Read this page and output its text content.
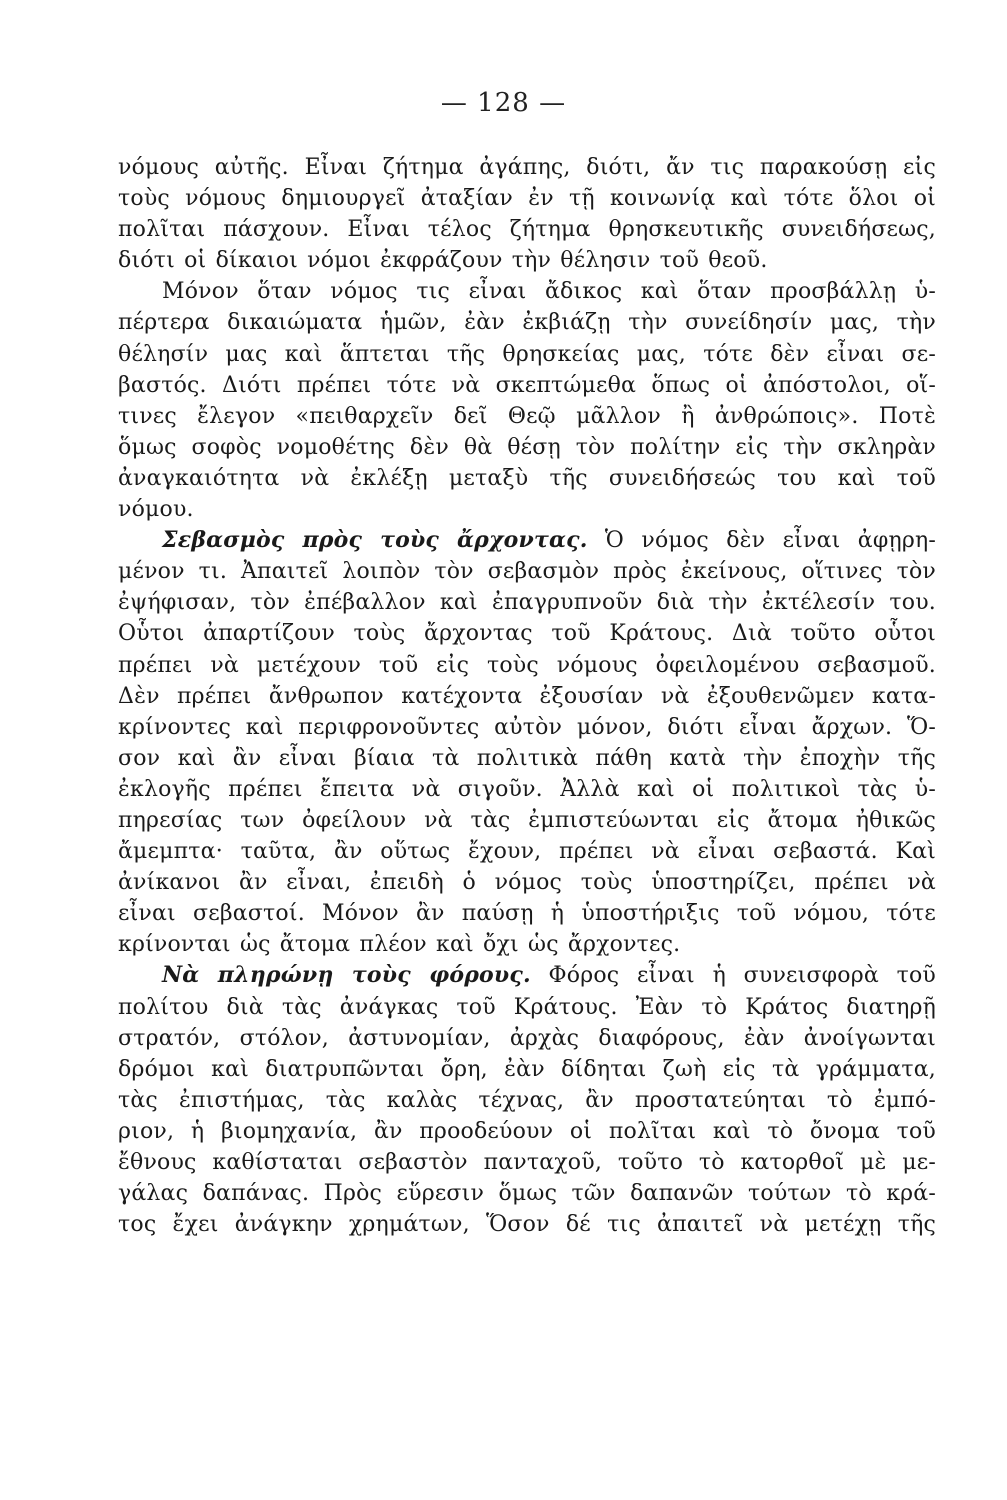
— 128 —
νόμους αὐτῆς. Εἶναι ζήτημα ἀγάπης, διότι, ἄν τις παρακούσῃ εἰς
τοὺς νόμους δημιουργεῖ ἀταξίαν ἐν τῇ κοινωνίᾳ καὶ τότε ὅλοι οἱ
πολῖται πάσχουν. Εἶναι τέλος ζήτημα θρησκευτικῆς συνειδήσεως,
διότι οἱ δίκαιοι νόμοι ἐκφράζουν τὴν θέλησιν τοῦ θεοῦ.
Μόνον ὅταν νόμος τις εἶναι ἄδικος καὶ ὅταν προσβάλλῃ ὑ-
πέρτερα δικαιώματα ἡμῶν, ἐὰν ἐκβιάζῃ τὴν συνείδησίν μας, τὴν
θέλησίν μας καὶ ἅπτεται τῆς θρησκείας μας, τότε δὲν εἶναι σε-
βαστός. Διότι πρέπει τότε νὰ σκεπτώμεθα ὅπως οἱ ἀπόστολοι, οἵ-
τινες ἔλεγον «πειθαρχεῖν δεῖ Θεῷ μᾶλλον ἢ ἀνθρώποις». Ποτὲ
ὅμως σοφὸς νομοθέτης δὲν θὰ θέσῃ τὸν πολίτην εἰς τὴν σκληρὰν
ἀναγκαιότητα νὰ ἐκλέξῃ μεταξὺ τῆς συνειδήσεώς του καὶ τοῦ
νόμου.
Σεβασμὸς πρὸς τοὺς ἄρχοντας. Ὁ νόμος δὲν εἶναι ἀφῃρη-
μένον τι. Ἀπαιτεῖ λοιπὸν τὸν σεβασμὸν πρὸς ἐκείνους, οἵτινες τὸν
ἐψήφισαν, τὸν ἐπέβαλλον καὶ ἐπαγρυπνοῦν διὰ τὴν ἐκτέλεσίν του.
Οὗτοι ἀπαρτίζουν τοὺς ἄρχοντας τοῦ Κράτους. Διὰ τοῦτο οὗτοι
πρέπει νὰ μετέχουν τοῦ εἰς τοὺς νόμους ὀφειλομένου σεβασμοῦ.
Δὲν πρέπει ἄνθρωπον κατέχοντα ἐξουσίαν νὰ ἐξουθενῶμεν κατα-
κρίνοντες καὶ περιφρονοῦντες αὐτὸν μόνον, διότι εἶναι ἄρχων. Ὅ-
σον καὶ ἂν εἶναι βίαια τὰ πολιτικὰ πάθη κατὰ τὴν ἐποχὴν τῆς
ἐκλογῆς πρέπει ἔπειτα νὰ σιγοῦν. Ἀλλὰ καὶ οἱ πολιτικοὶ τὰς ὑ-
πηρεσίας των ὀφείλουν νὰ τὰς ἐμπιστεύωνται εἰς ἄτομα ἠθικῶς
ἄμεμπτα· ταῦτα, ἂν οὕτως ἔχουν, πρέπει νὰ εἶναι σεβαστά. Καὶ
ἀνίκανοι ἂν εἶναι, ἐπειδὴ ὁ νόμος τοὺς ὑποστηρίζει, πρέπει νὰ
εἶναι σεβαστοί. Μόνον ἂν παύσῃ ἡ ὑποστήριξις τοῦ νόμου, τότε
κρίνονται ὡς ἄτομα πλέον καὶ ὄχι ὡς ἄρχοντες.
Νὰ πληρώνῃ τοὺς φόρους. Φόρος εἶναι ἡ συνεισφορὰ τοῦ
πολίτου διὰ τὰς ἀνάγκας τοῦ Κράτους. Ἐὰν τὸ Κράτος διατηρῇ
στρατόν, στόλον, ἀστυνομίαν, ἀρχὰς διαφόρους, ἐὰν ἀνοίγωνται
δρόμοι καὶ διατρυπῶνται ὄρη, ἐὰν δίδηται ζωὴ εἰς τὰ γράμματα,
τὰς ἐπιστήμας, τὰς καλὰς τέχνας, ἂν προστατεύηται τὸ ἐμπό-
ριον, ἡ βιομηχανία, ἂν προοδεύουν οἱ πολῖται καὶ τὸ ὄνομα τοῦ
ἔθνους καθίσταται σεβαστὸν πανταχοῦ, τοῦτο τὸ κατορθοῖ μὲ με-
γάλας δαπάνας. Πρὸς εὕρεσιν ὅμως τῶν δαπανῶν τούτων τὸ κρά-
τος ἔχει ἀνάγκην χρημάτων, Ὅσον δέ τις ἀπαιτεῖ νὰ μετέχῃ τῆς
